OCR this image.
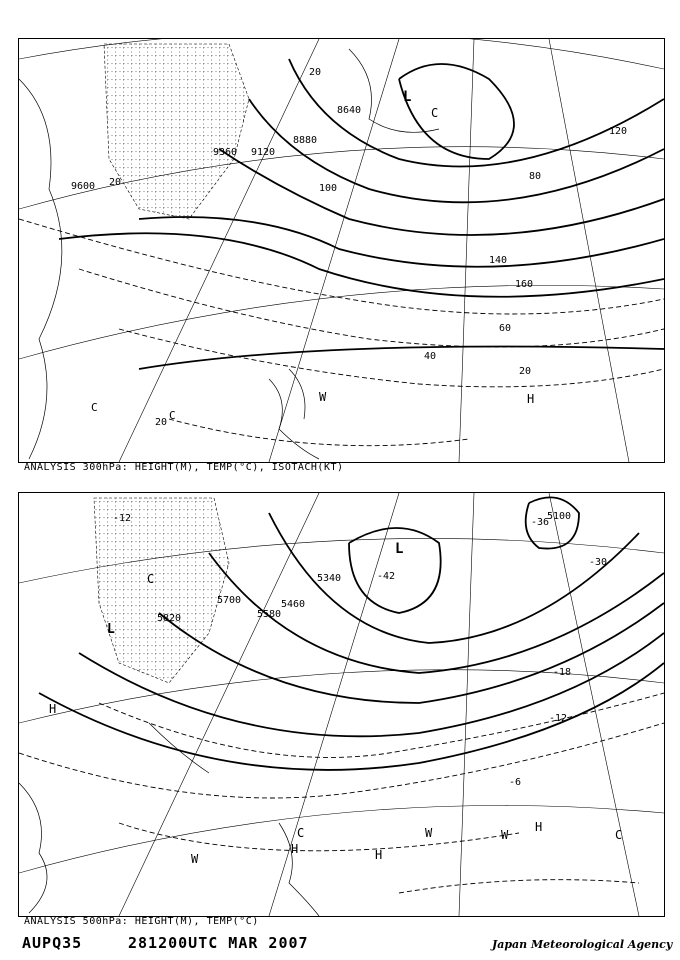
8640
8880
9120
9360
9600
20
40
60
80
100
120
140
160
L
C
W	H
20
C
C
20
20
ANALYSIS 300hPa: HEIGHT(M), TEMP(°C), ISOTACH(KT)
5100
5340
5460
5580
5700
5820
-12
-18
-12
-6
-36
-42
-30
L
H
C
W
H	H
W	C
H
W
C
L
ANALYSIS 500hPa: HEIGHT(M), TEMP(°C)
AUPQ35	281200UTC MAR 2007	Japan Meteorological Agency
